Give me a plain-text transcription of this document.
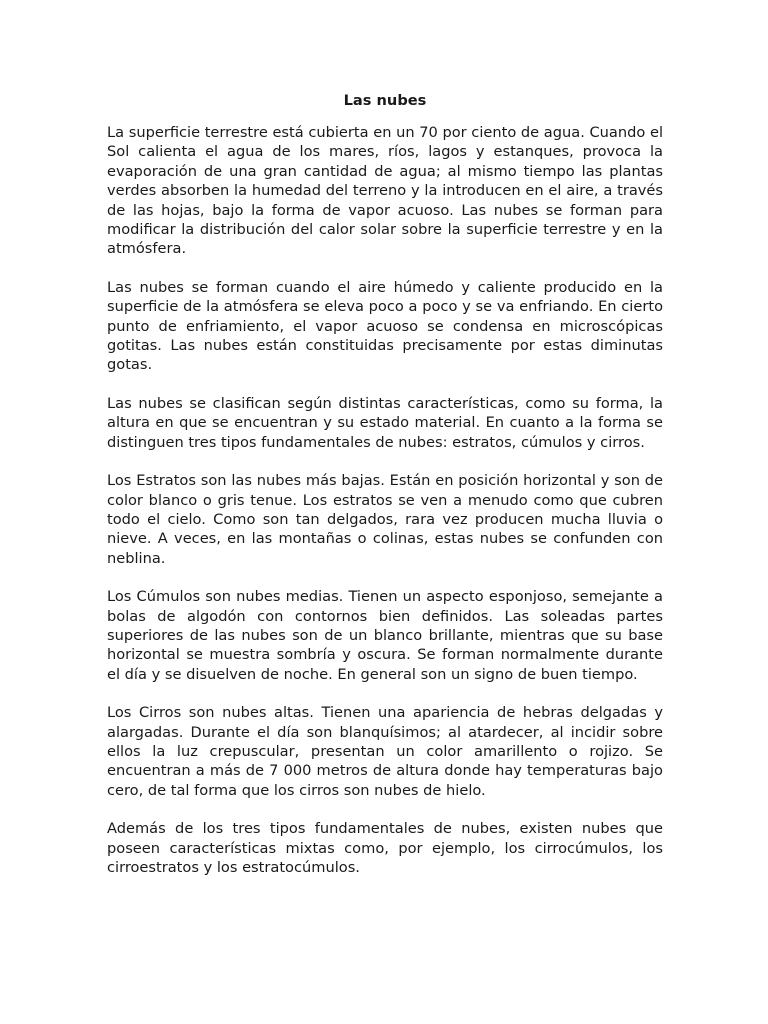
Las nubes

La superficie terrestre está cubierta en un 70 por ciento de agua. Cuando el Sol calienta el agua de los mares, ríos, lagos y estanques, provoca la evaporación de una gran cantidad de agua; al mismo tiempo las plantas verdes absorben la humedad del terreno y la introducen en el aire, a través de las hojas, bajo la forma de vapor acuoso. Las nubes se forman para modificar la distribución del calor solar sobre la superficie terrestre y en la atmósfera.

Las nubes se forman cuando el aire húmedo y caliente producido en la superficie de la atmósfera se eleva poco a poco y se va enfriando. En cierto punto de enfriamiento, el vapor acuoso se condensa en microscópicas gotitas. Las nubes están constituidas precisamente por estas diminutas gotas.

Las nubes se clasifican según distintas características, como su forma, la altura en que se encuentran y su estado material. En cuanto a la forma se distinguen tres tipos fundamentales de nubes: estratos, cúmulos y cirros.

Los Estratos son las nubes más bajas. Están en posición horizontal y son de color blanco o gris tenue. Los estratos se ven a menudo como que cubren todo el cielo. Como son tan delgados, rara vez producen mucha lluvia o nieve. A veces, en las montañas o colinas, estas nubes se confunden con neblina.

Los Cúmulos son nubes medias. Tienen un aspecto esponjoso, semejante a bolas de algodón con contornos bien definidos. Las soleadas partes superiores de las nubes son de un blanco brillante, mientras que su base horizontal se muestra sombría y oscura. Se forman normalmente durante el día y se disuelven de noche. En general son un signo de buen tiempo.

Los Cirros son nubes altas. Tienen una apariencia de hebras delgadas y alargadas. Durante el día son blanquísimos; al atardecer, al incidir sobre ellos la luz crepuscular, presentan un color amarillento o rojizo. Se encuentran a más de 7 000 metros de altura donde hay temperaturas bajo cero, de tal forma que los cirros son nubes de hielo.

Además de los tres tipos fundamentales de nubes, existen nubes que poseen características mixtas como, por ejemplo, los cirrocúmulos, los cirroestratos y los estratocúmulos.
